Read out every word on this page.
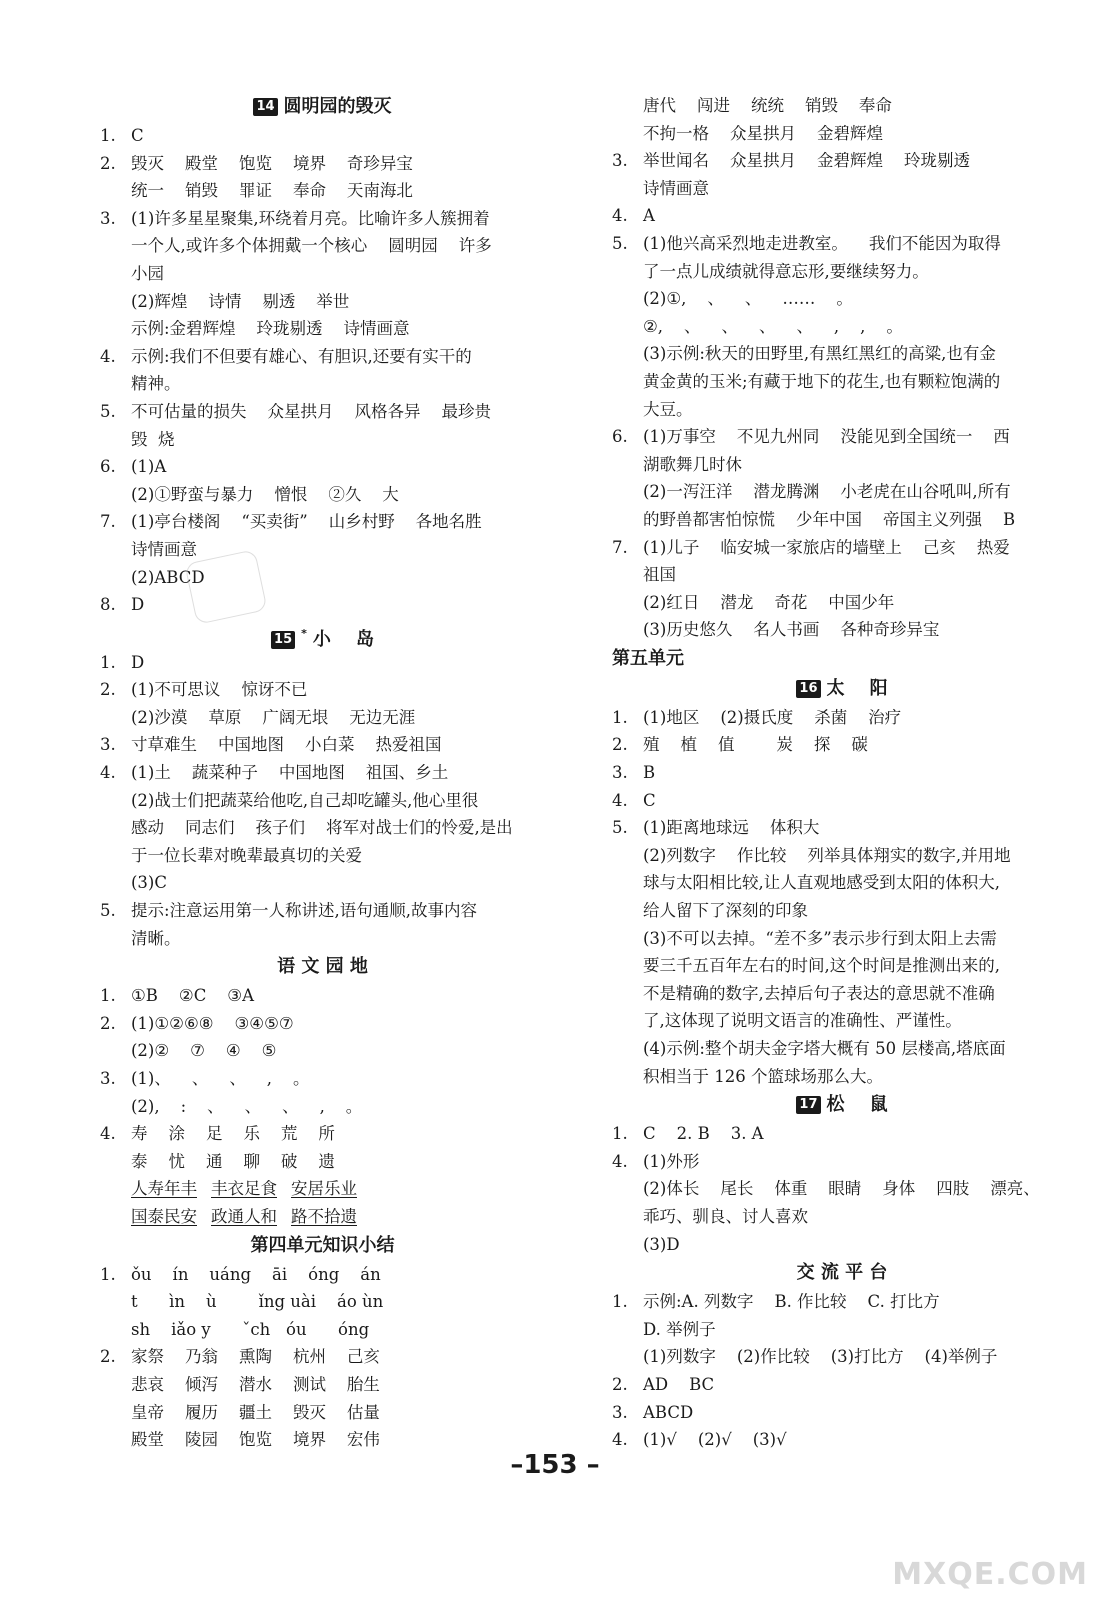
14 圆明园的毁灭
1. C
2. 毁灭    殿堂    饱览    境界    奇珍异宝
统一    销毁    罪证    奉命    天南海北
3. (1)许多星星聚集,环绕着月亮。比喻许多人簇拥着
一个人,或许多个体拥戴一个核心    圆明园    许多
小园
(2)辉煌    诗情    剔透    举世
示例:金碧辉煌    玲珑剔透    诗情画意
4. 示例:我们不但要有雄心、有胆识,还要有实干的
精神。
5. 不可估量的损失    众星拱月    风格各异    最珍贵
毁  烧
6. (1)A
(2)①野蛮与暴力    憎恨    ②久    大
7. (1)亭台楼阁    “买卖街”    山乡村野    各地名胜
诗情画意
(2)ABCD
8. D
15 * 小    岛
1. D
2. (1)不可思议    惊讶不已
(2)沙漠    草原    广阔无垠    无边无涯
3. 寸草难生    中国地图    小白菜    热爱祖国
4. (1)土    蔬菜种子    中国地图    祖国、乡土
(2)战士们把蔬菜给他吃,自己却吃罐头,他心里很
感动    同志们    孩子们    将军对战士们的怜爱,是出
于一位长辈对晚辈最真切的关爱
(3)C
5. 提示:注意运用第一人称讲述,语句通顺,故事内容
清晰。
语 文 园 地
1. ①B    ②C    ③A
2. (1)①②⑥⑧    ③④⑤⑦
(2)②    ⑦    ④    ⑤
3. (1)、    、    、    ,    。
(2),    :    、    、    、    ,    。
4. 寿    涂    足    乐    荒    所
泰    忧    通    聊    破    遗
人寿年丰 丰衣足食 安居乐业
国泰民安 政通人和 路不拾遗
第四单元知识小结
1. ǒu    ín    uáng    āi    óng    án
t      ìn    ù        ǐng uài    áo ùn
sh    iǎo y      ˇch   óu      óng
2. 家祭    乃翁    熏陶    杭州    己亥
悲哀    倾泻    潜水    测试    胎生
皇帝    履历    疆土    毁灭    估量
殿堂    陵园    饱览    境界    宏伟
唐代    闯进    统统    销毁    奉命
不拘一格    众星拱月    金碧辉煌
3. 举世闻名    众星拱月    金碧辉煌    玲珑剔透
诗情画意
4. A
5. (1)他兴高采烈地走进教室。    我们不能因为取得
了一点儿成绩就得意忘形,要继续努力。
(2)①,    、    、    ……    。
②,    、    、    、    、    ,    ,    。
(3)示例:秋天的田野里,有黑红黑红的高粱,也有金
黄金黄的玉米;有藏于地下的花生,也有颗粒饱满的
大豆。
6. (1)万事空    不见九州同    没能见到全国统一    西
湖歌舞几时休
(2)一泻汪洋    潜龙腾渊    小老虎在山谷吼叫,所有
的野兽都害怕惊慌    少年中国    帝国主义列强    B
7. (1)儿子    临安城一家旅店的墙壁上    己亥    热爱
祖国
(2)红日    潜龙    奇花    中国少年
(3)历史悠久    名人书画    各种奇珍异宝
第五单元
16 太    阳
1. (1)地区    (2)摄氏度    杀菌    治疗
2. 殖    植    值        炭    探    碳
3. B
4. C
5. (1)距离地球远    体积大
(2)列数字    作比较    列举具体翔实的数字,并用地
球与太阳相比较,让人直观地感受到太阳的体积大,
给人留下了深刻的印象
(3)不可以去掉。“差不多”表示步行到太阳上去需
要三千五百年左右的时间,这个时间是推测出来的,
不是精确的数字,去掉后句子表达的意思就不准确
了,这体现了说明文语言的准确性、严谨性。
(4)示例:整个胡夫金字塔大概有 50 层楼高,塔底面
积相当于 126 个篮球场那么大。
17 松    鼠
1. C    2. B    3. A
4. (1)外形
(2)体长    尾长    体重    眼睛    身体    四肢    漂亮、
乖巧、驯良、讨人喜欢
(3)D
交 流 平 台
1. 示例:A. 列数字    B. 作比较    C. 打比方
D. 举例子
(1)列数字    (2)作比较    (3)打比方    (4)举例子
2. AD    BC
3. ABCD
4. (1)√    (2)√    (3)√
–153 –
MXQE.COM
